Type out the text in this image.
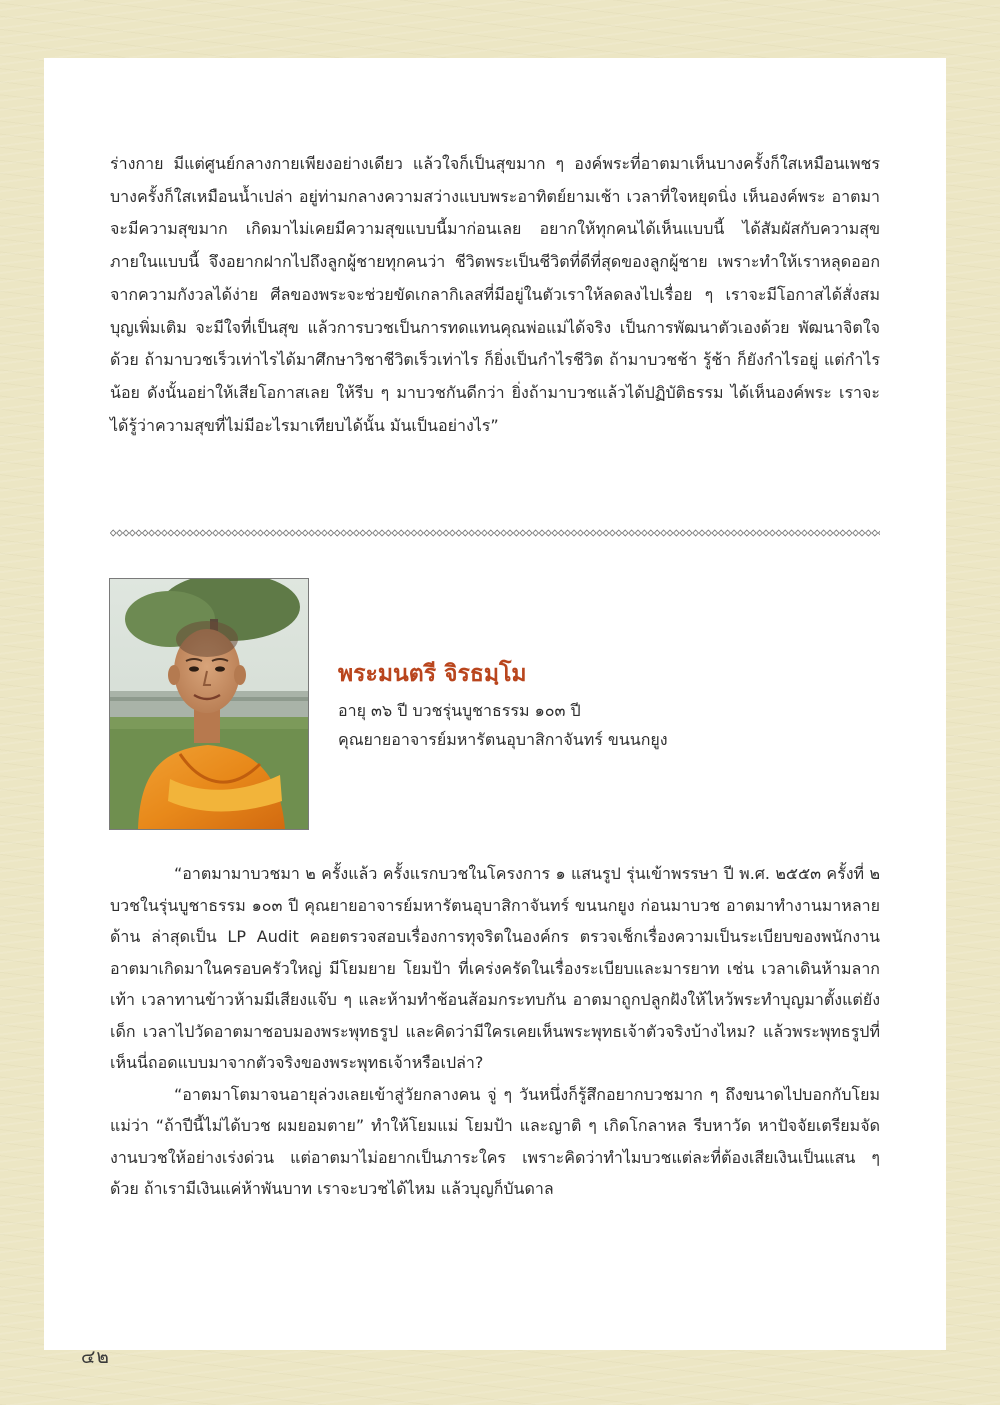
ร่างกาย มีแต่ศูนย์กลางกายเพียงอย่างเดียว แล้วใจก็เป็นสุขมาก ๆ องค์พระที่อาตมาเห็นบางครั้งก็ใสเหมือนเพชร บางครั้งก็ใสเหมือนน้ำเปล่า อยู่ท่ามกลางความสว่างแบบพระอาทิตย์ยามเช้า เวลาที่ใจหยุดนิ่ง เห็นองค์พระ อาตมาจะมีความสุขมาก เกิดมาไม่เคยมีความสุขแบบนี้มาก่อนเลย อยากให้ทุกคนได้เห็นแบบนี้ ได้สัมผัสกับความสุขภายในแบบนี้ จึงอยากฝากไปถึงลูกผู้ชายทุกคนว่า ชีวิตพระเป็นชีวิตที่ดีที่สุดของลูกผู้ชาย เพราะทำให้เราหลุดออกจากความกังวลได้ง่าย ศีลของพระจะช่วยขัดเกลากิเลสที่มีอยู่ในตัวเราให้ลดลงไปเรื่อย ๆ เราจะมีโอกาสได้สั่งสมบุญเพิ่มเติม จะมีใจที่เป็นสุข แล้วการบวชเป็นการทดแทนคุณพ่อแม่ได้จริง เป็นการพัฒนาตัวเองด้วย พัฒนาจิตใจด้วย ถ้ามาบวชเร็วเท่าไรได้มาศึกษาวิชาชีวิตเร็วเท่าไร ก็ยิ่งเป็นกำไรชีวิต ถ้ามาบวชช้า รู้ช้า ก็ยังกำไรอยู่ แต่กำไรน้อย ดังนั้นอย่าให้เสียโอกาสเลย ให้รีบ ๆ มาบวชกันดีกว่า ยิ่งถ้ามาบวชแล้วได้ปฏิบัติธรรม ได้เห็นองค์พระ เราจะได้รู้ว่าความสุขที่ไม่มีอะไรมาเทียบได้นั้น มันเป็นอย่างไร”

พระมนตรี จิรธมฺโม

อายุ ๓๖ ปี บวชรุ่นบูชาธรรม ๑๐๓ ปี

คุณยายอาจารย์มหารัตนอุบาสิกาจันทร์ ขนนกยูง

“อาตมามาบวชมา ๒ ครั้งแล้ว ครั้งแรกบวชในโครงการ ๑ แสนรูป รุ่นเข้าพรรษา ปี พ.ศ. ๒๕๕๓ ครั้งที่ ๒ บวชในรุ่นบูชาธรรม ๑๐๓ ปี คุณยายอาจารย์มหารัตนอุบาสิกาจันทร์ ขนนกยูง ก่อนมาบวช อาตมาทำงานมาหลายด้าน ล่าสุดเป็น LP Audit คอยตรวจสอบเรื่องการทุจริตในองค์กร ตรวจเช็กเรื่องความเป็นระเบียบของพนักงาน อาตมาเกิดมาในครอบครัวใหญ่ มีโยมยาย โยมป้า ที่เคร่งครัดในเรื่องระเบียบและมารยาท เช่น เวลาเดินห้ามลากเท้า เวลาทานข้าวห้ามมีเสียงแจ๊บ ๆ และห้ามทำช้อนส้อมกระทบกัน อาตมาถูกปลูกฝังให้ไหว้พระทำบุญมาตั้งแต่ยังเด็ก เวลาไปวัดอาตมาชอบมองพระพุทธรูป และคิดว่ามีใครเคยเห็นพระพุทธเจ้าตัวจริงบ้างไหม? แล้วพระพุทธรูปที่เห็นนี่ถอดแบบมาจากตัวจริงของพระพุทธเจ้าหรือเปล่า?

“อาตมาโตมาจนอายุล่วงเลยเข้าสู่วัยกลางคน จู่ ๆ วันหนึ่งก็รู้สึกอยากบวชมาก ๆ ถึงขนาดไปบอกกับโยมแม่ว่า “ถ้าปีนี้ไม่ได้บวช ผมยอมตาย” ทำให้โยมแม่ โยมป้า และญาติ ๆ เกิดโกลาหล รีบหาวัด หาปัจจัยเตรียมจัดงานบวชให้อย่างเร่งด่วน แต่อาตมาไม่อยากเป็นภาระใคร เพราะคิดว่าทำไมบวชแต่ละที่ต้องเสียเงินเป็นแสน ๆ ด้วย ถ้าเรามีเงินแค่ห้าพันบาท เราจะบวชได้ไหม แล้วบุญก็บันดาล

๔๒
